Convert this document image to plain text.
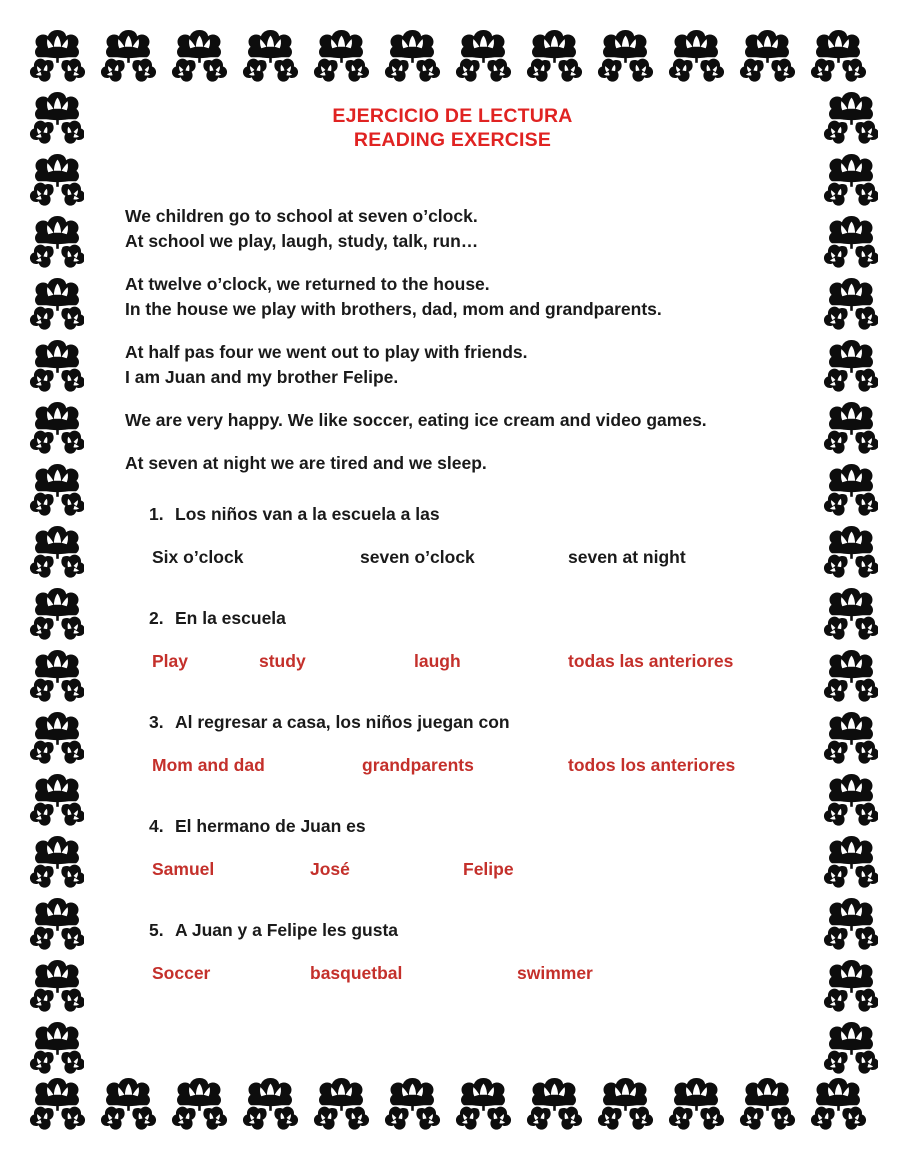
EJERCICIO DE LECTURA
READING EXERCISE
We children go to school at seven o’clock.
At school we play, laugh, study, talk, run…
At twelve o’clock, we returned to the house.
In the house we play with brothers, dad, mom and grandparents.
At half pas four we went out to play with friends.
I am Juan and my brother Felipe.
We are very happy. We like soccer, eating ice cream and video games.
At seven at night we are tired and we sleep.
1. Los niños van a la escuela a las
Six o’clock	seven o’clock	seven at night
2. En la escuela
Play	study	laugh	todas las anteriores
3. Al regresar a casa, los niños juegan con
Mom and dad	grandparents	todos los anteriores
4. El hermano de Juan es
Samuel	José	Felipe
5. A Juan y a Felipe les gusta
Soccer	basquetbal	swimmer
